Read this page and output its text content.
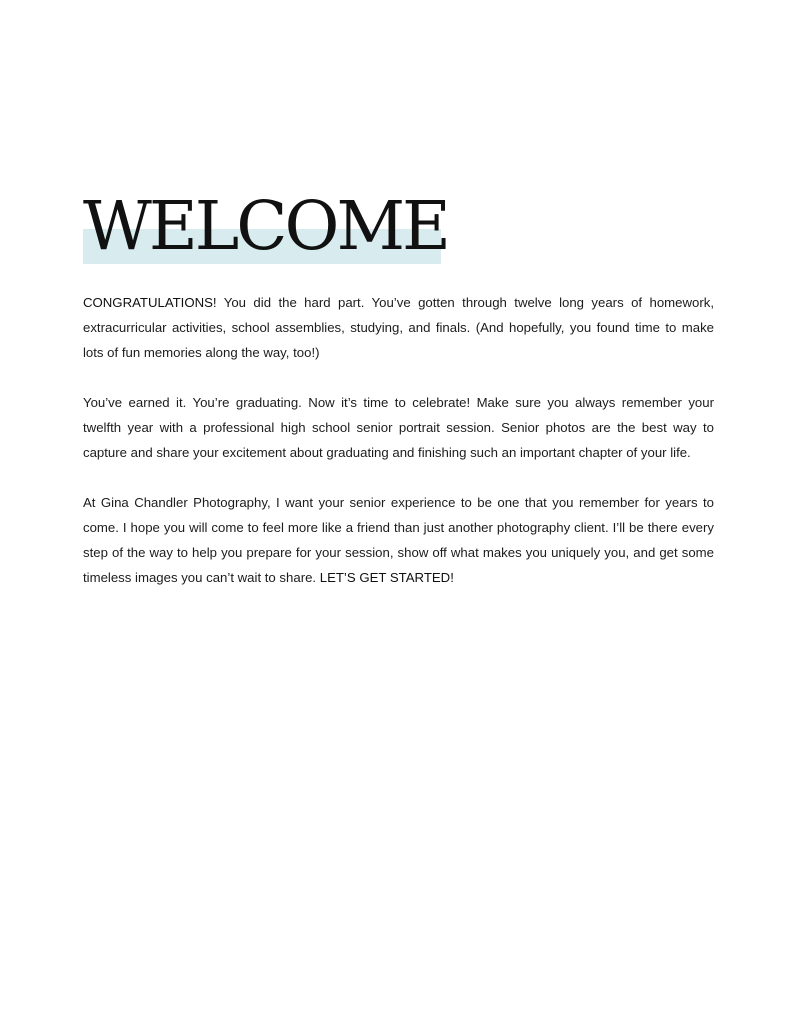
WELCOME

CONGRATULATIONS! You did the hard part. You’ve gotten through twelve long years of homework, extracurricular activities, school assemblies, studying, and finals. (And hopefully, you found time to make lots of fun memories along the way, too!)

You’ve earned it. You’re graduating. Now it’s time to celebrate! Make sure you always remember your twelfth year with a professional high school senior portrait session. Senior photos are the best way to capture and share your excitement about graduating and finishing such an important chapter of your life.

At Gina Chandler Photography, I want your senior experience to be one that you remember for years to come. I hope you will come to feel more like a friend than just another photography client. I’ll be there every step of the way to help you prepare for your session, show off what makes you uniquely you, and get some timeless images you can’t wait to share. LET’S GET STARTED!
